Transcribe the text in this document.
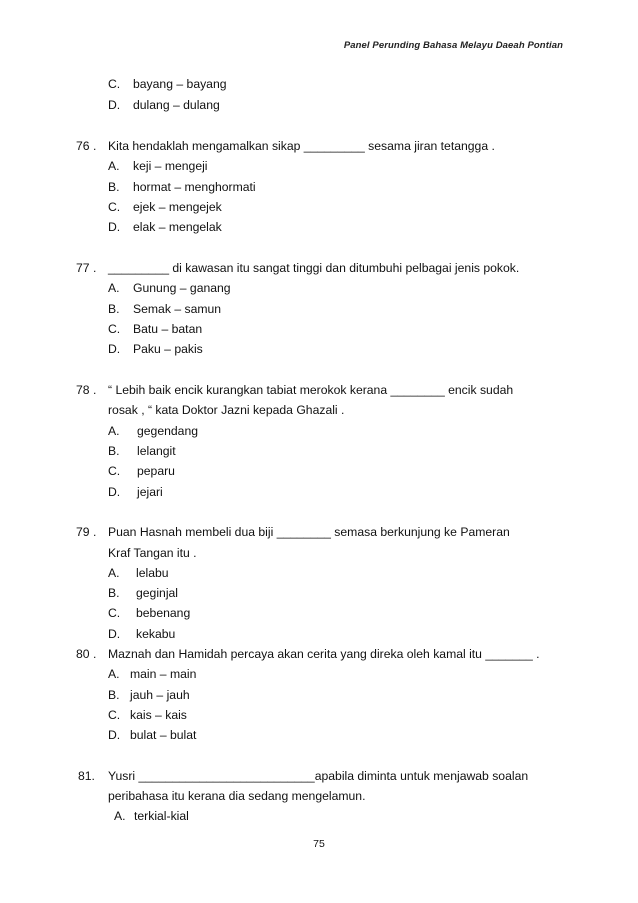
Panel Perunding Bahasa Melayu Daeah Pontian
C. bayang – bayang
D. dulang – dulang
76 . Kita hendaklah mengamalkan sikap _________ sesama jiran tetangga .
A. keji – mengeji
B. hormat – menghormati
C. ejek – mengejek
D. elak – mengelak
77 . _________ di kawasan itu sangat tinggi dan ditumbuhi pelbagai jenis pokok.
A. Gunung – ganang
B. Semak – samun
C. Batu – batan
D. Paku – pakis
78 . “ Lebih baik encik kurangkan tabiat merokok kerana ________ encik sudah
rosak , “ kata Doktor Jazni kepada Ghazali .
A. gegendang
B. lelangit
C. peparu
D. jejari
79 . Puan Hasnah membeli dua biji ________ semasa berkunjung ke Pameran
Kraf Tangan itu .
A. lelabu
B. geginjal
C. bebenang
D. kekabu
80 . Maznah dan Hamidah percaya akan cerita yang direka oleh kamal itu _______ .
A. main – main
B. jauh – jauh
C. kais – kais
D. bulat – bulat
81. Yusri __________________________apabila diminta untuk menjawab soalan
peribahasa itu kerana dia sedang mengelamun.
A. terkial-kial
75
